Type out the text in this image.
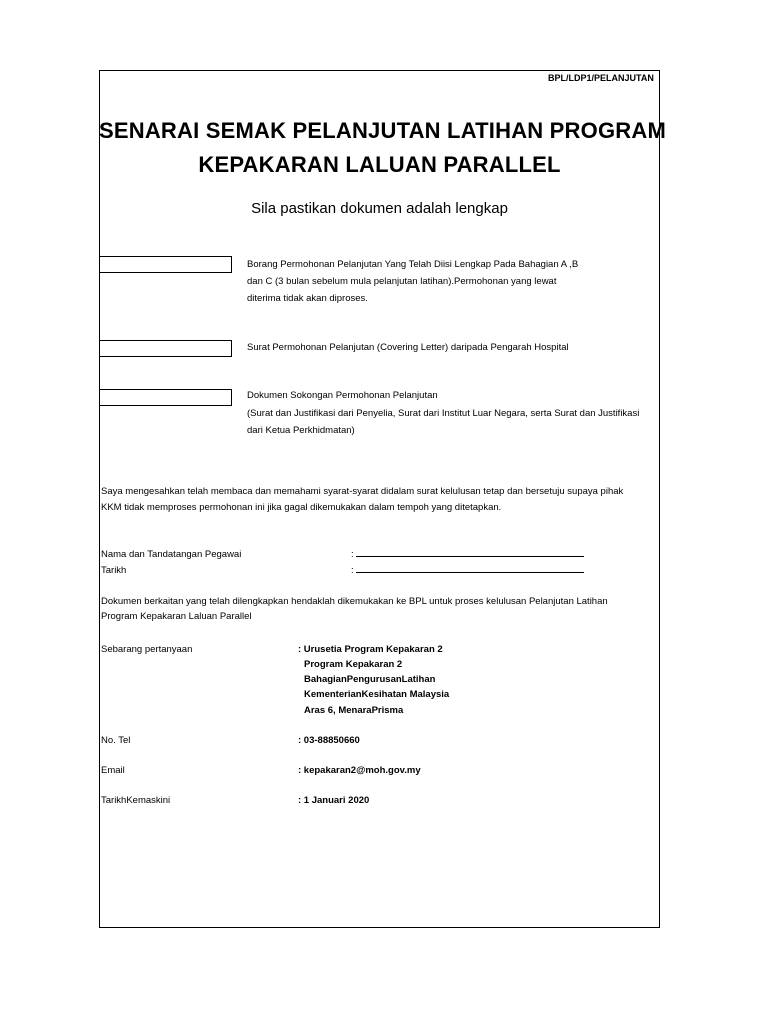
BPL/LDP1/PELANJUTAN
SENARAI SEMAK PELANJUTAN LATIHAN PROGRAM
KEPAKARAN LALUAN PARALLEL
Sila pastikan dokumen adalah lengkap
Borang Permohonan Pelanjutan Yang Telah Diisi Lengkap Pada Bahagian A ,B
dan C (3 bulan sebelum mula pelanjutan latihan).Permohonan yang lewat
diterima tidak akan diproses.
Surat Permohonan Pelanjutan (Covering Letter) daripada Pengarah Hospital
Dokumen Sokongan Permohonan Pelanjutan
(Surat dan Justifikasi dari Penyelia, Surat dari Institut Luar Negara, serta Surat dan Justifikasi
dari Ketua Perkhidmatan)
Saya mengesahkan telah membaca dan memahami syarat-syarat didalam surat kelulusan tetap dan bersetuju supaya pihak
KKM tidak memproses permohonan ini jika gagal dikemukakan dalam tempoh yang ditetapkan.
Nama dan Tandatangan Pegawai	:
Tarikh	:
Dokumen berkaitan yang telah dilengkapkan hendaklah dikemukakan ke BPL untuk proses kelulusan Pelanjutan Latihan
Program Kepakaran Laluan Parallel
Sebarang pertanyaan	: Urusetia Program Kepakaran 2
Program Kepakaran 2
BahagianPengurusanLatihan
KementerianKesihatan Malaysia
Aras 6, MenaraPrisma
No. Tel	: 03-88850660
Email	: kepakaran2@moh.gov.my
TarikhKemaskini	: 1 Januari 2020
